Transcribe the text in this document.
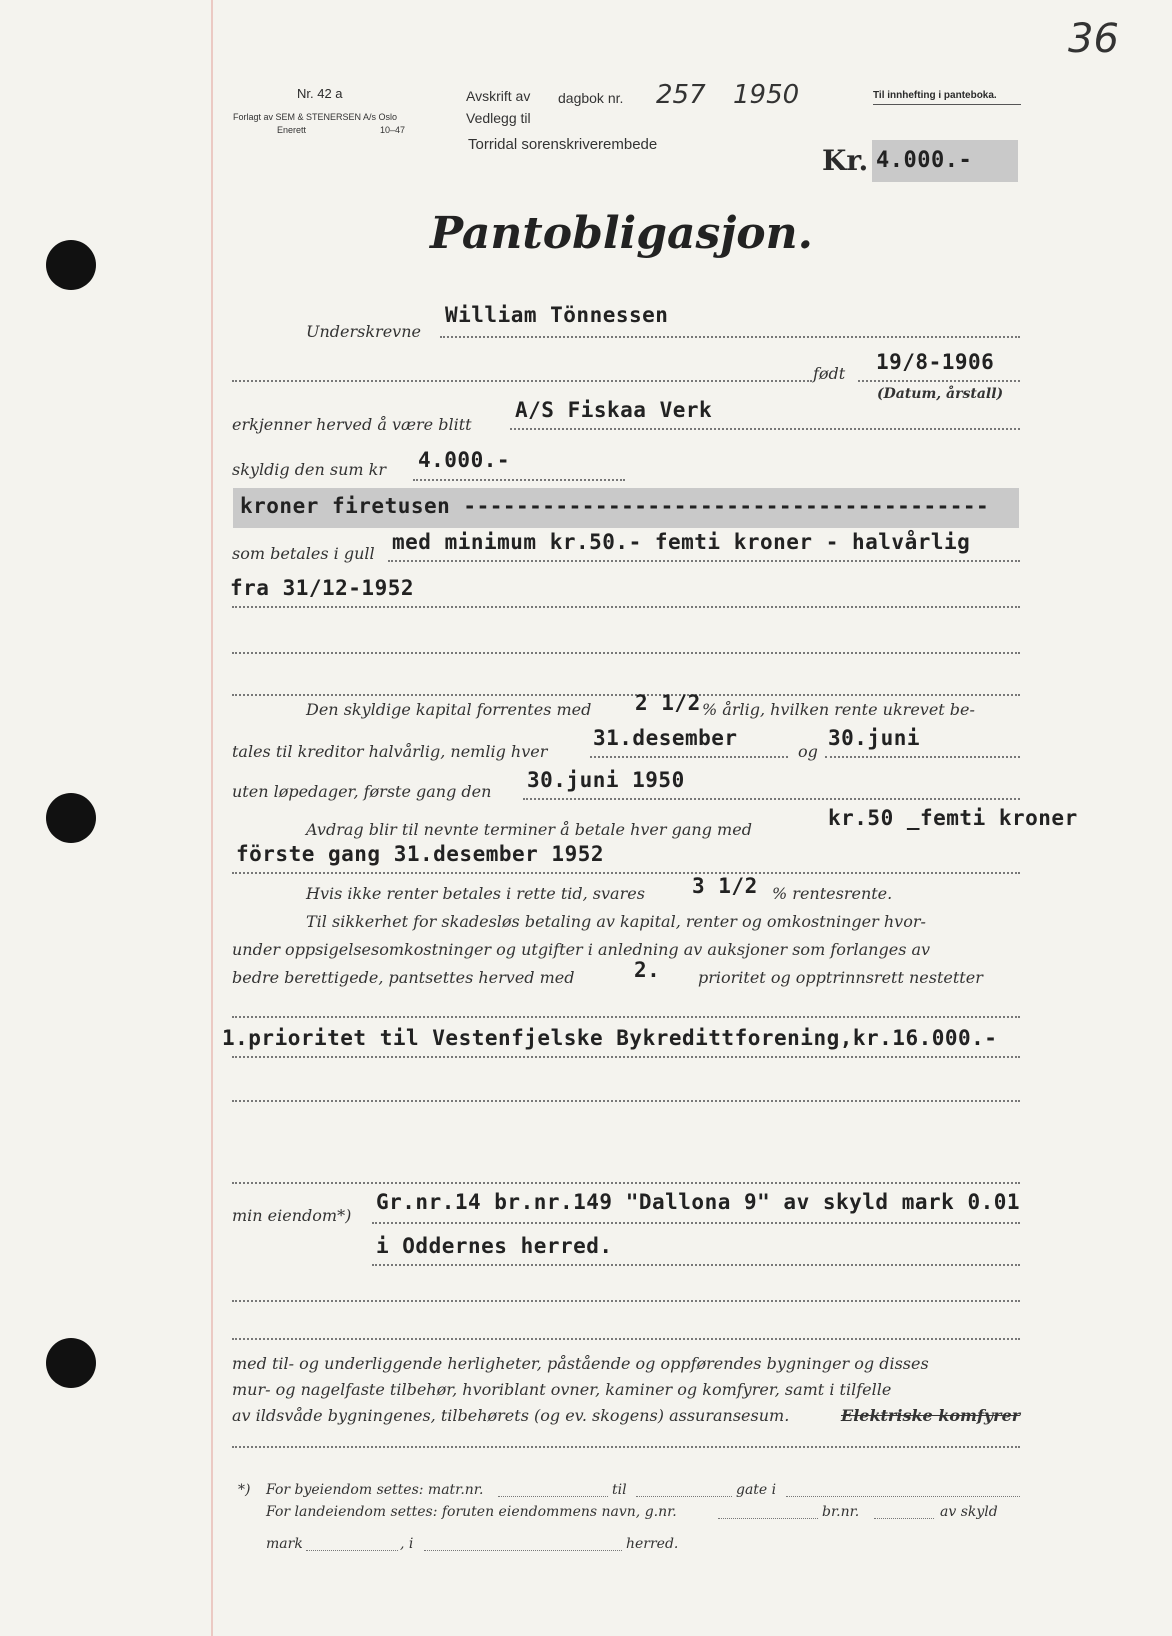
36
Nr. 42 a
Forlagt av SEM & STENERSEN A/s Oslo
Enerett	10–47
Avskrift av dagbok nr. 257 1950
Vedlegg til
Torridal sorenskriverembede
Til innhefting i panteboka.
Kr. 4.000.-
Pantobligasjon.
Underskrevne
William Tönnessen
født 19/8-1906
(Datum, årstall)
erkjenner herved å være blitt
A/S Fiskaa Verk
skyldig den sum kr 4.000.-
kroner firetusen ----------------------------------------
som betales i gull med minimum kr.50.- femti kroner - halvårlig
fra 31/12-1952
Den skyldige kapital forrentes med 2 1/2 % årlig, hvilken rente ukrevet be-
tales til kreditor halvårlig, nemlig hver
31.desember
og
30.juni
uten løpedager, første gang den 30.juni 1950
Avdrag blir til nevnte terminer å betale hver gang med	kr.50 _femti kroner
förste gang 31.desember 1952
Hvis ikke renter betales i rette tid, svares 3 1/2 % rentesrente.
Til sikkerhet for skadesløs betaling av kapital, renter og omkostninger hvor-
under oppsigelsesomkostninger og utgifter i anledning av auksjoner som forlanges av
bedre berettigede, pantsettes herved med	2. prioritet og opptrinnsrett nestetter
1.prioritet til Vestenfjelske Bykredittforening,kr.16.000.-
min eiendom*)
Gr.nr.14 br.nr.149 "Dallona 9" av skyld mark 0.01
i Oddernes herred.
med til- og underliggende herligheter, påstående og oppførendes bygninger og disses
mur- og nagelfaste tilbehør, hvoriblant ovner, kaminer og komfyrer, samt i tilfelle
av ildsvåde bygningenes, tilbehørets (og ev. skogens) assuransesum.	Elektriske komfyrer
*) For byeiendom settes: matr.nr.	til	gate i
For landeiendom settes: foruten eiendommens navn, g.nr.	br.nr.	av skyld
mark	, i	herred.
